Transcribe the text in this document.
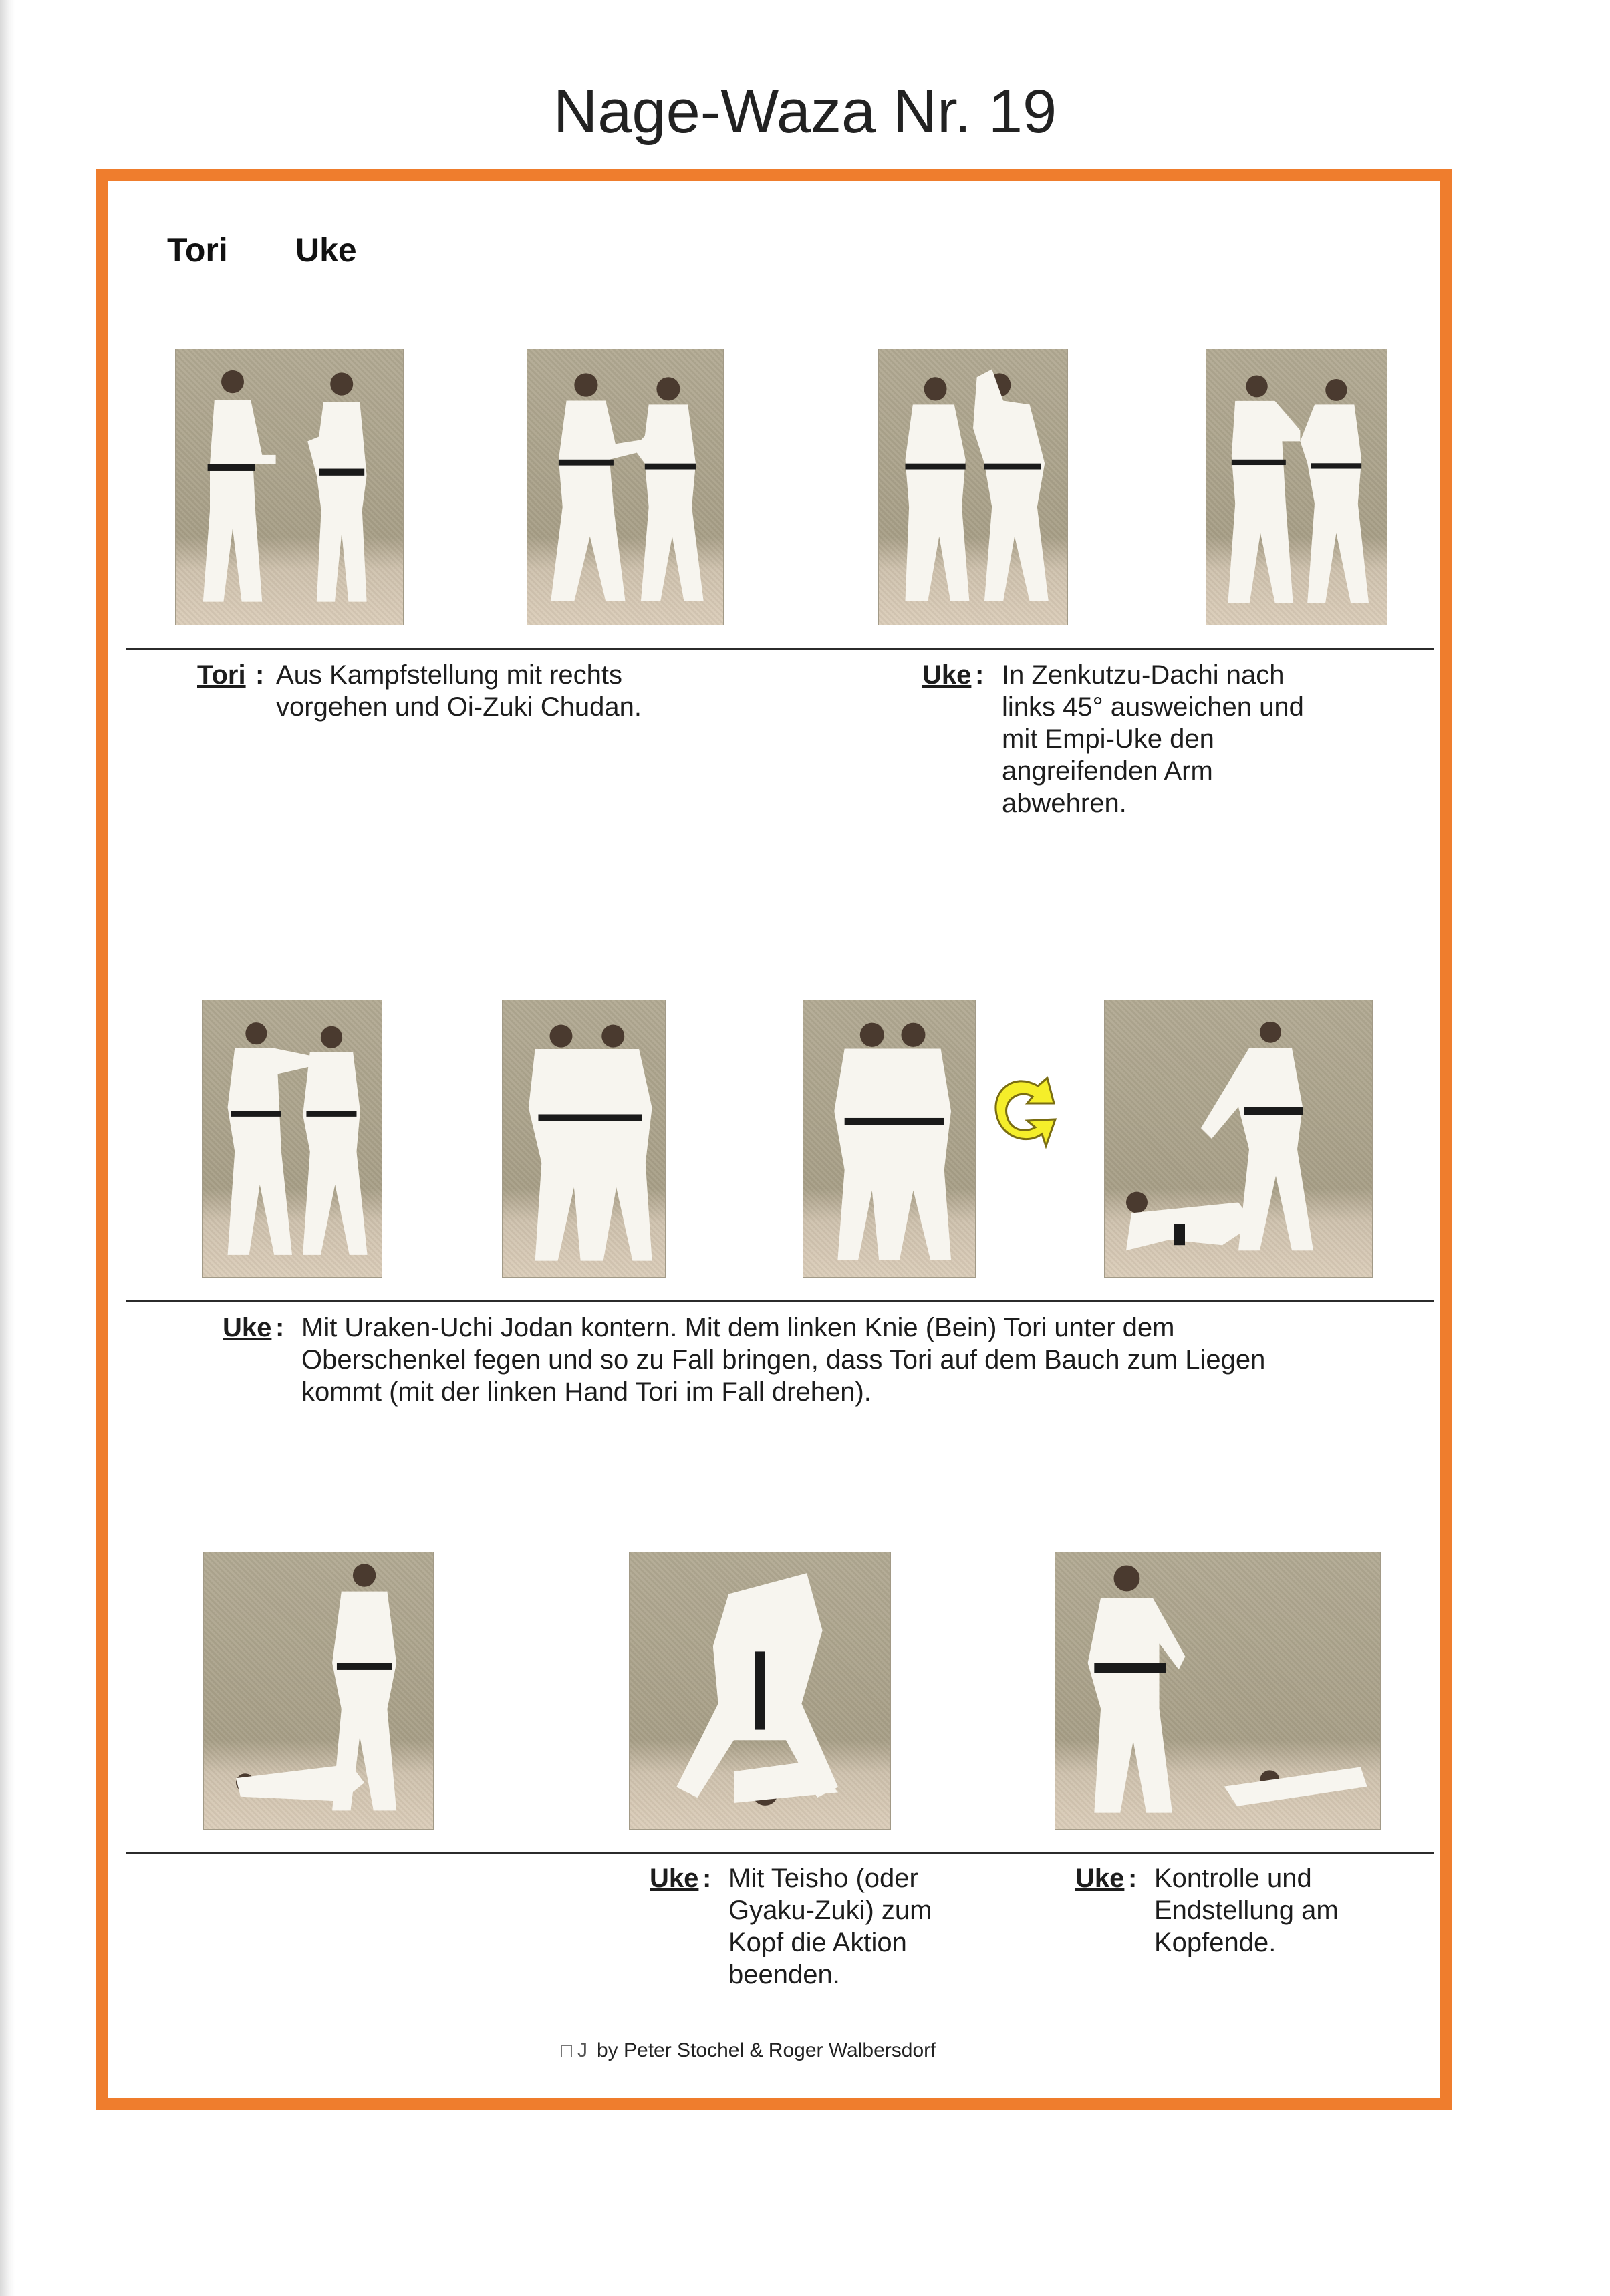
Nage-Waza Nr. 19
Tori Uke
Tori : Aus Kampfstellung mit rechts
vorgehen und Oi-Zuki Chudan.
Uke : In Zenkutzu-Dachi nach
links 45° ausweichen und
mit Empi-Uke den
angreifenden Arm
abwehren.
Uke : Mit Uraken-Uchi Jodan kontern. Mit dem linken Knie (Bein) Tori unter dem
Oberschenkel fegen und so zu Fall bringen, dass Tori auf dem Bauch zum Liegen
kommt (mit der linken Hand Tori im Fall drehen).
Uke : Mit Teisho (oder
Gyaku-Zuki) zum
Kopf die Aktion
beenden.
Uke : Kontrolle und
Endstellung am
Kopfende.
J by Peter Stochel & Roger Walbersdorf
